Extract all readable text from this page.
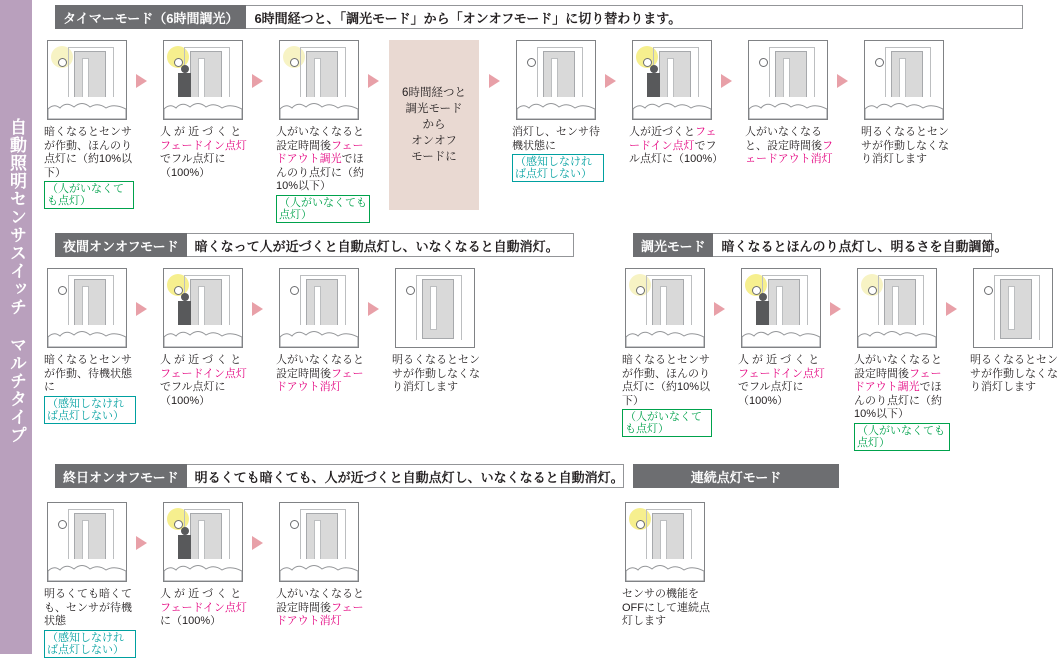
自動照明センサスイッチ マルチタイプ
タイマーモード（6時間調光）	6時間経つと、「調光モード」から「オンオフモード」に切り替わります。
6時間経つと
調光モード
から
オンオフ
モードに
暗くなるとセンサが作動、ほんのり点灯に（約10%以下） （人がいなくても点灯）
人 が 近 づ く と フェードイン点灯でフル点灯に（100%）
人がいなくなると設定時間後フェードアウト調光でほんのり点灯に（約10%以下） （人がいなくても点灯）
消灯し、センサ待機状態に （感知しなければ点灯しない）
人が近づくとフェードイン点灯でフル点灯に（100%）
人がいなくなると、設定時間後フェードアウト消灯
明るくなるとセンサが作動しなくなり消灯します
夜間オンオフモード	暗くなって人が近づくと自動点灯し、いなくなると自動消灯。
暗くなるとセンサが作動、待機状態に （感知しなければ点灯しない）
人 が 近 づ く と フェードイン点灯でフル点灯に（100%）
人がいなくなると設定時間後フェードアウト消灯
明るくなるとセンサが作動しなくなり消灯します
調光モード	暗くなるとほんのり点灯し、明るさを自動調節。
暗くなるとセンサが作動、ほんのり点灯に（約10%以下） （人がいなくても点灯）
人 が 近 づ く と フェードイン点灯でフル点灯に（100%）
人がいなくなると設定時間後フェードアウト調光でほんのり点灯に（約10%以下） （人がいなくても点灯）
明るくなるとセンサが作動しなくなり消灯します
終日オンオフモード	明るくても暗くても、人が近づくと自動点灯し、いなくなると自動消灯。
明るくても暗くても、センサが待機状態 （感知しなければ点灯しない）
人 が 近 づ く と フェードイン点灯に（100%）
人がいなくなると設定時間後フェードアウト消灯
連続点灯モード
センサの機能をOFFにして連続点灯します
